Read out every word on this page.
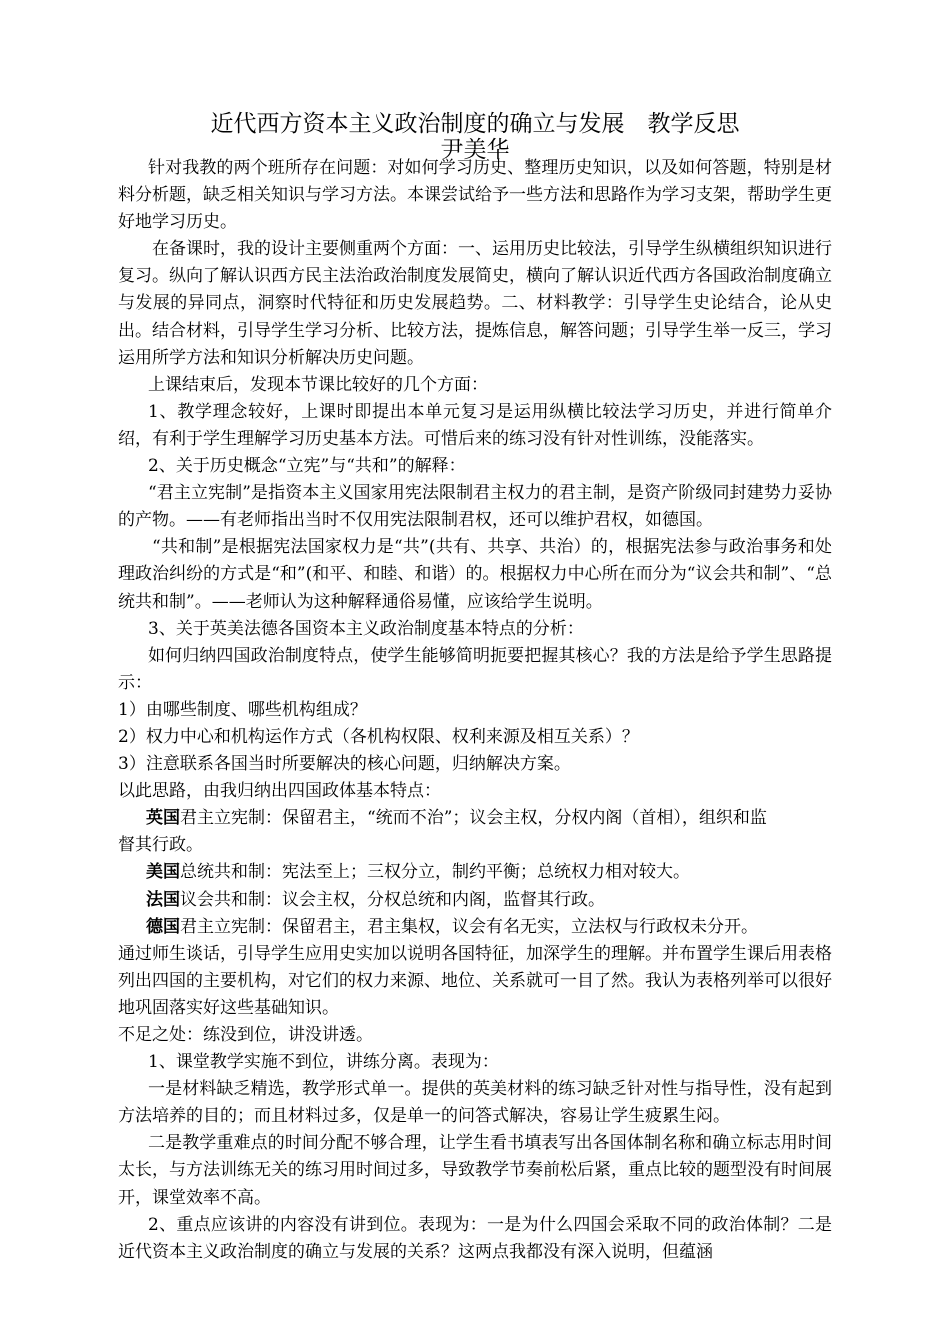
近代西方资本主义政治制度的确立与发展　教学反思
尹美华

针对我教的两个班所存在问题：对如何学习历史、整理历史知识，以及如何答题，特别是材料分析题，缺乏相关知识与学习方法。本课尝试给予一些方法和思路作为学习支架，帮助学生更好地学习历史。

在备课时，我的设计主要侧重两个方面：一、运用历史比较法，引导学生纵横组织知识进行复习。纵向了解认识西方民主法治政治制度发展简史，横向了解认识近代西方各国政治制度确立与发展的异同点，洞察时代特征和历史发展趋势。二、材料教学：引导学生史论结合，论从史出。结合材料，引导学生学习分析、比较方法，提炼信息，解答问题；引导学生举一反三，学习运用所学方法和知识分析解决历史问题。

上课结束后，发现本节课比较好的几个方面：

1、教学理念较好，上课时即提出本单元复习是运用纵横比较法学习历史，并进行简单介绍，有利于学生理解学习历史基本方法。可惜后来的练习没有针对性训练，没能落实。

2、关于历史概念“立宪”与“共和”的解释：

“君主立宪制”是指资本主义国家用宪法限制君主权力的君主制，是资产阶级同封建势力妥协的产物。——有老师指出当时不仅用宪法限制君权，还可以维护君权，如德国。

“共和制”是根据宪法国家权力是“共”(共有、共享、共治）的，根据宪法参与政治事务和处理政治纠纷的方式是“和”(和平、和睦、和谐）的。根据权力中心所在而分为“议会共和制”、“总统共和制”。——老师认为这种解释通俗易懂，应该给学生说明。

3、关于英美法德各国资本主义政治制度基本特点的分析：

如何归纳四国政治制度特点，使学生能够简明扼要把握其核心？我的方法是给予学生思路提示：

1）由哪些制度、哪些机构组成？

2）权力中心和机构运作方式（各机构权限、权利来源及相互关系）？

3）注意联系各国当时所要解决的核心问题，归纳解决方案。

以此思路，由我归纳出四国政体基本特点：

英国 君主立宪制：保留君主，“统而不治”；议会主权，分权内阁（首相），组织和监

督其行政。

美国 总统共和制：宪法至上；三权分立，制约平衡；总统权力相对较大。
法国 议会共和制：议会主权，分权总统和内阁，监督其行政。
德国 君主立宪制：保留君主，君主集权，议会有名无实，立法权与行政权未分开。

通过师生谈话，引导学生应用史实加以说明各国特征，加深学生的理解。并布置学生课后用表格列出四国的主要机构，对它们的权力来源、地位、关系就可一目了然。我认为表格列举可以很好地巩固落实好这些基础知识。

不足之处：练没到位，讲没讲透。

1、课堂教学实施不到位，讲练分离。表现为：

一是材料缺乏精选，教学形式单一。提供的英美材料的练习缺乏针对性与指导性，没有起到方法培养的目的；而且材料过多，仅是单一的问答式解决，容易让学生疲累生闷。

二是教学重难点的时间分配不够合理，让学生看书填表写出各国体制名称和确立标志用时间太长，与方法训练无关的练习用时间过多，导致教学节奏前松后紧，重点比较的题型没有时间展开，课堂效率不高。

2、重点应该讲的内容没有讲到位。表现为：一是为什么四国会采取不同的政治体制？二是近代资本主义政治制度的确立与发展的关系？这两点我都没有深入说明，但蕴涵
